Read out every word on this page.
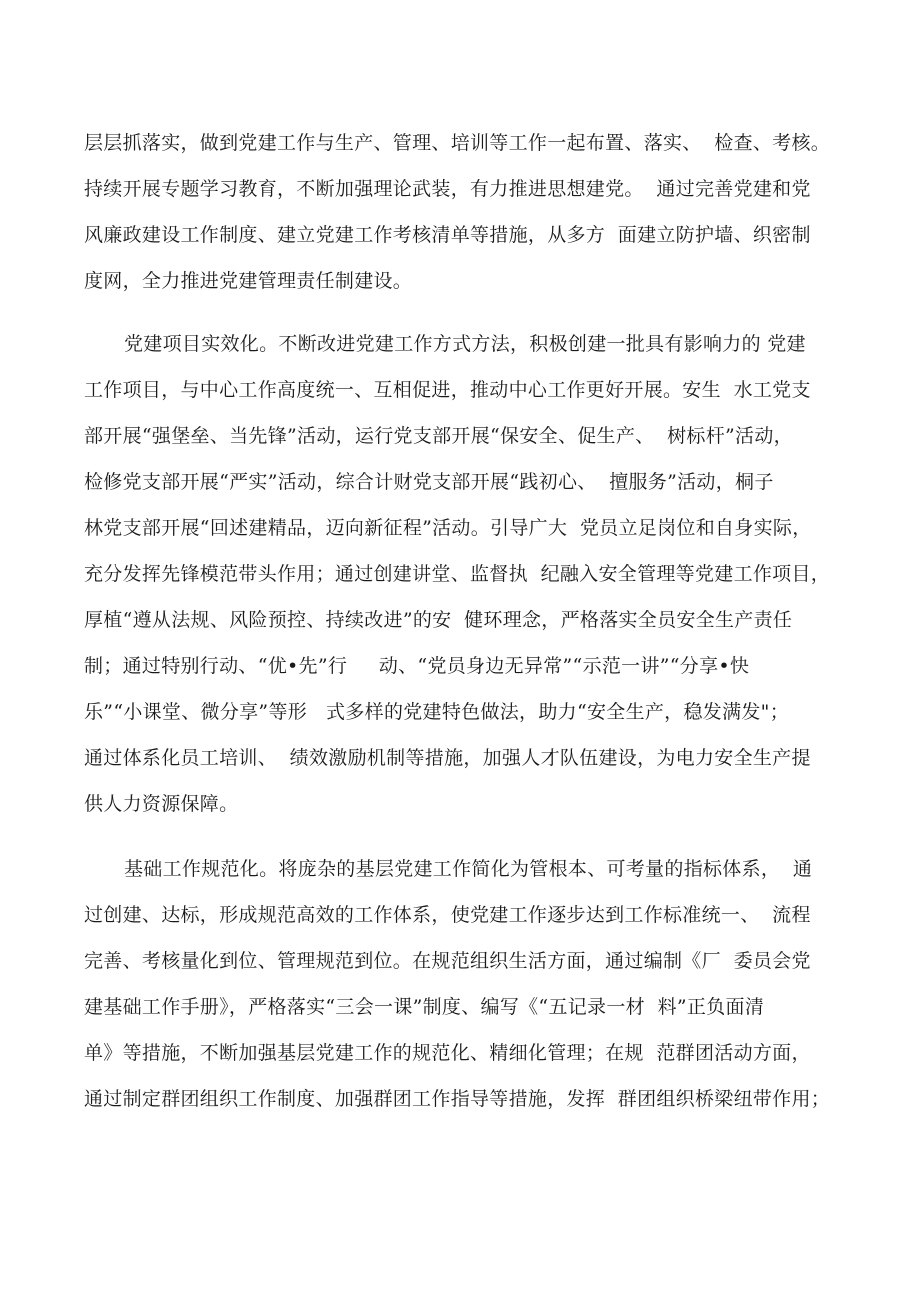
层层抓落实，做到党建工作与生产、管理、培训等工作一起布置、落实、  检查、考核。
持续开展专题学习教育，不断加强理论武装，有力推进思想建党。  通过完善党建和党
风廉政建设工作制度、建立党建工作考核清单等措施，从多方  面建立防护墙、织密制
度网，全力推进党建管理责任制建设。
党建项目实效化。不断改进党建工作方式方法，积极创建一批具有影响力的 党建
工作项目，与中心工作高度统一、互相促进，推动中心工作更好开展。安生  水工党支
部开展“强堡垒、当先锋”活动，运行党支部开展“保安全、促生产、  树标杆”活动，
检修党支部开展“严实”活动，综合计财党支部开展“践初心、  擅服务”活动，桐子
林党支部开展“回述建精品，迈向新征程”活动。引导广大  党员立足岗位和自身实际，
充分发挥先锋模范带头作用；通过创建讲堂、监督执  纪融入安全管理等党建工作项目，
厚植“遵从法规、风险预控、持续改进”的安  健环理念，严格落实全员安全生产责任
制；通过特别行动、“优•先”行     动、“党员身边无异常”“示范一讲”“分享•快
乐”“小课堂、微分享”等形   式多样的党建特色做法，助力“安全生产，稳发满发"；
通过体系化员工培训、  绩效激励机制等措施，加强人才队伍建设，为电力安全生产提
供人力资源保障。
基础工作规范化。将庞杂的基层党建工作简化为管根本、可考量的指标体系，  通
过创建、达标，形成规范高效的工作体系，使党建工作逐步达到工作标准统一、  流程
完善、考核量化到位、管理规范到位。在规范组织生活方面，通过编制《厂  委员会党
建基础工作手册》，严格落实“三会一课”制度、编写《“五记录一材  料”正负面清
单》等措施，不断加强基层党建工作的规范化、精细化管理；在规  范群团活动方面，
通过制定群团组织工作制度、加强群团工作指导等措施，发挥  群团组织桥梁纽带作用；
